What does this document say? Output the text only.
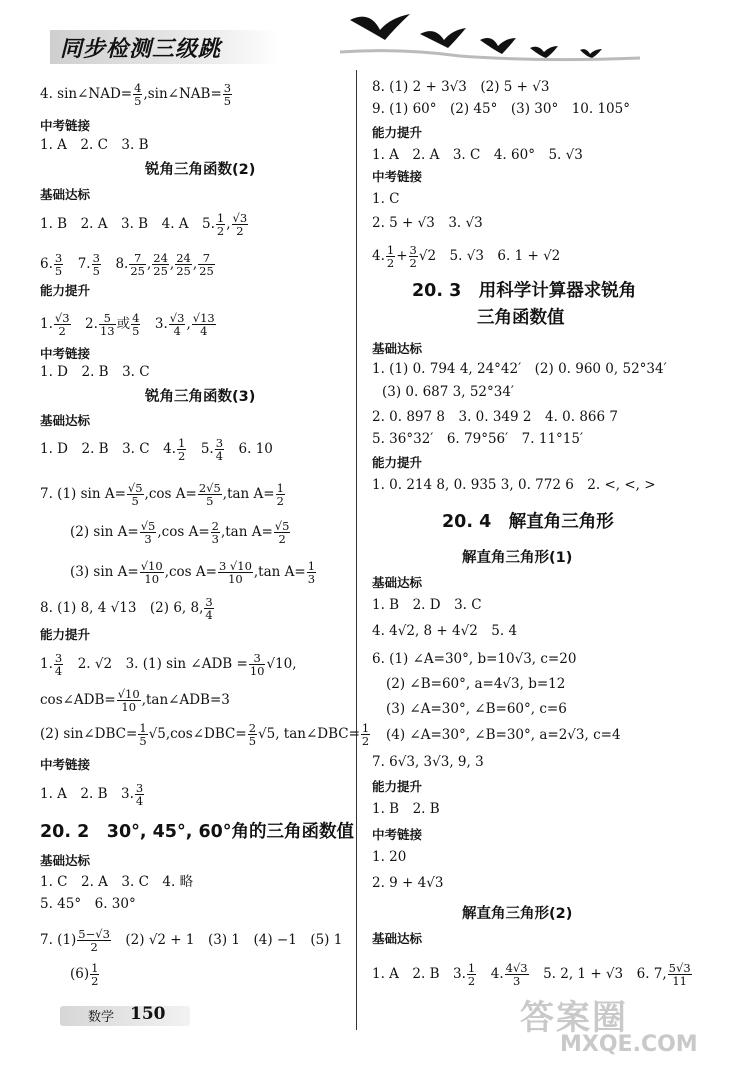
同步检测三级跳
4. sin∠NAD= $\frac{4}{5}$ ,sin∠NAB= $\frac{3}{5}$
中考链接
1. A　2. C　3. B
锐角三角函数(2)
基础达标
1. B　2. A　3. B　4. A　5. $\frac{1}{2}$ , $\frac{√3}{2}$
6. $\frac{3}{5}$
　 7. $\frac{3}{5}$
　 8. $\frac{7}{25}$ , $\frac{24}{25}$ , $\frac{24}{25}$ , $\frac{7}{25}$
能力提升
1. $\frac{√3}{2}$
　 2. $\frac{5}{13}$ 或 $\frac{4}{5}$
　 3. $\frac{√3}{4}$ , $\frac{√13}{4}$
中考链接
1. D　2. B　3. C
锐角三角函数(3)
基础达标
1. D　2. B　3. C　4. $\frac{1}{2}$
　 5. $\frac{3}{4}$
　 6. 10
7. (1) $\sin A= \frac{√5}{5} ,\cos$ $A= \frac{2√5}{5} ,\tan$ $A= \frac{1}{2}$
(2) $\sin A= \frac{√5}{3} ,\cos$ $A= \frac{2}{3} ,\tan$ $A= \frac{√5}{2}$
(3) $\sin A= \frac{√10}{10} ,\cos$ $A= \frac{3 √10}{10} ,\tan$ $A= \frac{1}{3}$
8. (1) 8, 4 √13　(2) 6, 8, $\frac{3}{4}$
能力提升
1. $\frac{3}{4}$
　 2. √2　3. (1) sin ∠ADB = $\frac{3}{10} √10$,
cos∠ADB= $\frac{√10}{10}$ ,tan∠ADB=3
(2) sin∠DBC= $\frac{1}{5}$ √5,cos∠DBC= $\frac{2}{5} √5$, tan∠DBC= $\frac{1}{2}$
中考链接
1. A　2. B　3. $\frac{3}{4}$
20. 2　30°, 45°, 60°角的三角函数值
基础达标
1. C　2. A　3. C　4. 略
5. 45°　6. 30°
7. $(1) \frac{5-√3}{2}$
　 (2) √2 + 1　(3) 1　(4) −1　(5) 1
$(6) \frac{1}{2}$
8. (1) 2 + 3√3　(2) 5 + √3
9. (1) 60°　(2) 45°　(3) 30°　10. 105°
能力提升
1. A　2. A　3. C　4. 60°　5. √3
中考链接
1. C
2. 5 + √3　3. √3
4. $\frac{1}{2} + \frac{3}{2} √2$　5. √3　6. 1 + √2
20. 3　用科学计算器求锐角
三角函数值
基础达标
1. (1) 0. 794 4, 24°42′　(2) 0. 960 0, 52°34′
(3) 0. 687 3, 52°34′
2. 0. 897 8　3. 0. 349 2　4. 0. 866 7
5. 36°32′　6. 79°56′　7. 11°15′
能力提升
1. 0. 214 8, 0. 935 3, 0. 772 6　2. <, <, >
20. 4　解直角三角形
解直角三角形(1)
基础达标
1. B　2. D　3. C
4. 4√2, 8 + 4√2　5. 4
6. (1) ∠A=30°, b=10√3, c=20
(2) ∠B=60°, a=4√3, b=12
(3) ∠A=30°, ∠B=60°, c=6
(4) ∠A=30°, ∠B=30°, a=2√3, c=4
7. 6√3, 3√3, 9, 3
能力提升
1. B　2. B
中考链接
1. 20
2. 9 + 4√3
解直角三角形(2)
基础达标
1. A　2. B　3. $\frac{1}{2}$
　 4. $\frac{4√3}{3}$
　 5. 2, 1 + √3　6. 7, $\frac{5√3}{11}$
数学 150	答案圈
MXQE.COM
